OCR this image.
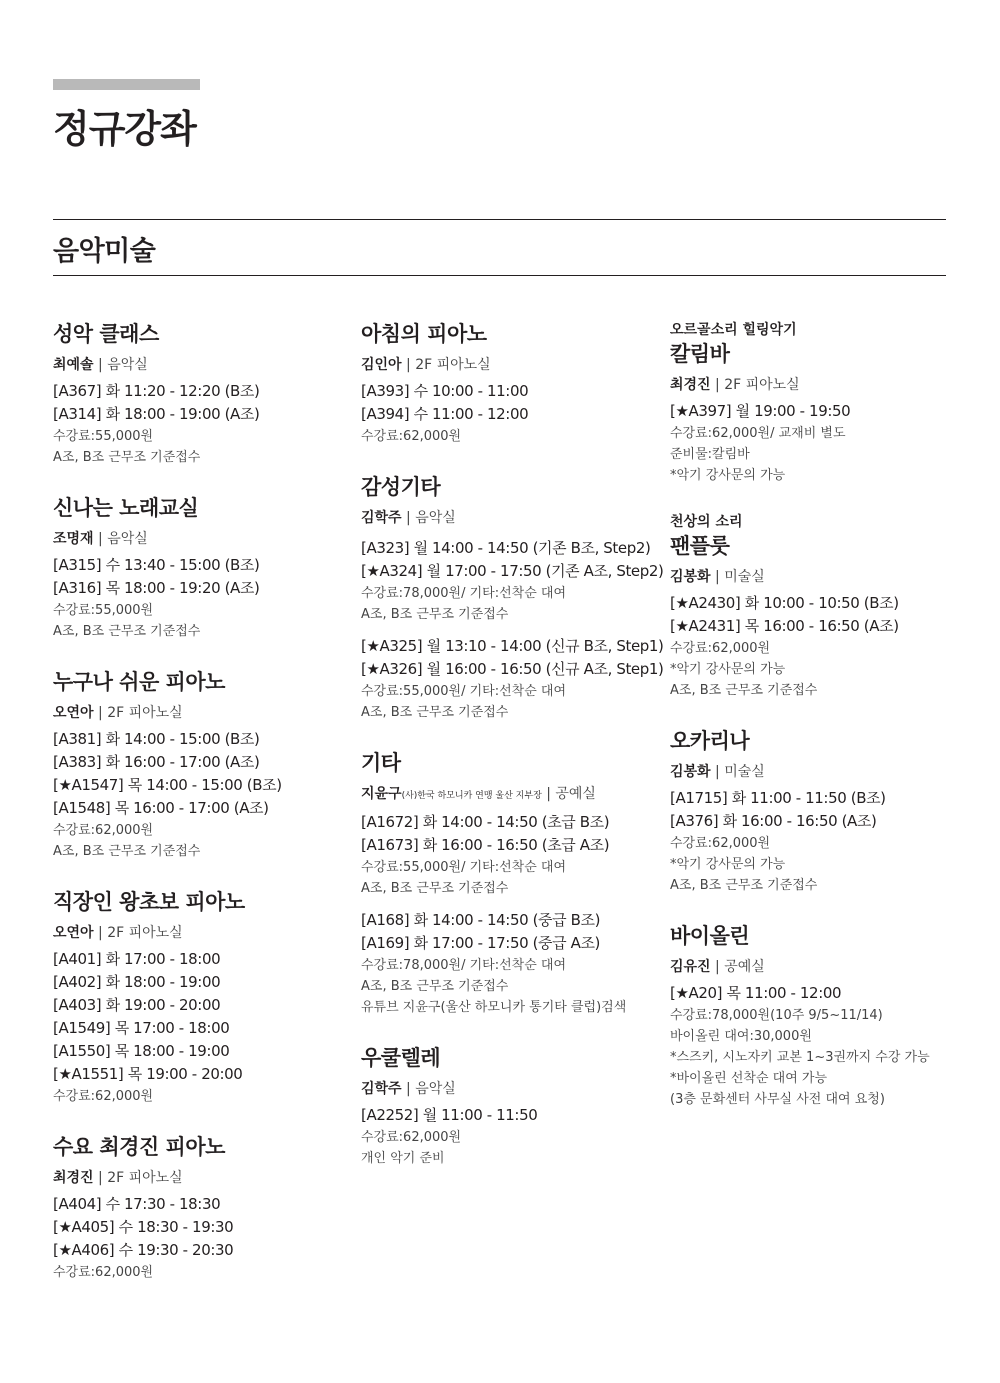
정규강좌
음악미술
성악 클래스
최예솔 | 음악실
[A367] 화 11:20 - 12:20 (B조)
[A314] 화 18:00 - 19:00 (A조)
수강료:55,000원
A조, B조 근무조 기준접수
신나는 노래교실
조명재 | 음악실
[A315] 수 13:40 - 15:00 (B조)
[A316] 목 18:00 - 19:20 (A조)
수강료:55,000원
A조, B조 근무조 기준접수
누구나 쉬운 피아노
오연아 | 2F 피아노실
[A381] 화 14:00 - 15:00 (B조)
[A383] 화 16:00 - 17:00 (A조)
[★A1547] 목 14:00 - 15:00 (B조)
[A1548] 목 16:00 - 17:00 (A조)
수강료:62,000원
A조, B조 근무조 기준접수
직장인 왕초보 피아노
오연아 | 2F 피아노실
[A401] 화 17:00 - 18:00
[A402] 화 18:00 - 19:00
[A403] 화 19:00 - 20:00
[A1549] 목 17:00 - 18:00
[A1550] 목 18:00 - 19:00
[★A1551] 목 19:00 - 20:00
수강료:62,000원
수요 최경진 피아노
최경진 | 2F 피아노실
[A404] 수 17:30 - 18:30
[★A405] 수 18:30 - 19:30
[★A406] 수 19:30 - 20:30
수강료:62,000원
아침의 피아노
김인아 | 2F 피아노실
[A393] 수 10:00 - 11:00
[A394] 수 11:00 - 12:00
수강료:62,000원
감성기타
김학주 | 음악실
[A323] 월 14:00 - 14:50 (기존 B조, Step2)
[★A324] 월 17:00 - 17:50 (기존 A조, Step2)
수강료:78,000원/ 기타:선착순 대여
A조, B조 근무조 기준접수
[★A325] 월 13:10 - 14:00 (신규 B조, Step1)
[★A326] 월 16:00 - 16:50 (신규 A조, Step1)
수강료:55,000원/ 기타:선착순 대여
A조, B조 근무조 기준접수
기타
지윤구(사)한국 하모니카 연맹 울산 지부장 | 공예실
[A1672] 화 14:00 - 14:50 (초급 B조)
[A1673] 화 16:00 - 16:50 (초급 A조)
수강료:55,000원/ 기타:선착순 대여
A조, B조 근무조 기준접수
[A168] 화 14:00 - 14:50 (중급 B조)
[A169] 화 17:00 - 17:50 (중급 A조)
수강료:78,000원/ 기타:선착순 대여
A조, B조 근무조 기준접수
유튜브 지윤구(울산 하모니카 통기타 클럽)검색
우쿨렐레
김학주 | 음악실
[A2252] 월 11:00 - 11:50
수강료:62,000원
개인 악기 준비
오르골소리 힐링악기
칼림바
최경진 | 2F 피아노실
[★A397] 월 19:00 - 19:50
수강료:62,000원/ 교재비 별도
준비물:칼림바
*악기 강사문의 가능
천상의 소리
팬플룻
김봉화 | 미술실
[★A2430] 화 10:00 - 10:50 (B조)
[★A2431] 목 16:00 - 16:50 (A조)
수강료:62,000원
*악기 강사문의 가능
A조, B조 근무조 기준접수
오카리나
김봉화 | 미술실
[A1715] 화 11:00 - 11:50 (B조)
[A376] 화 16:00 - 16:50 (A조)
수강료:62,000원
*악기 강사문의 가능
A조, B조 근무조 기준접수
바이올린
김유진 | 공예실
[★A20] 목 11:00 - 12:00
수강료:78,000원(10주 9/5~11/14)
바이올린 대여:30,000원
*스즈키, 시노자키 교본 1~3권까지 수강 가능
*바이올린 선착순 대여 가능
(3층 문화센터 사무실 사전 대여 요청)
